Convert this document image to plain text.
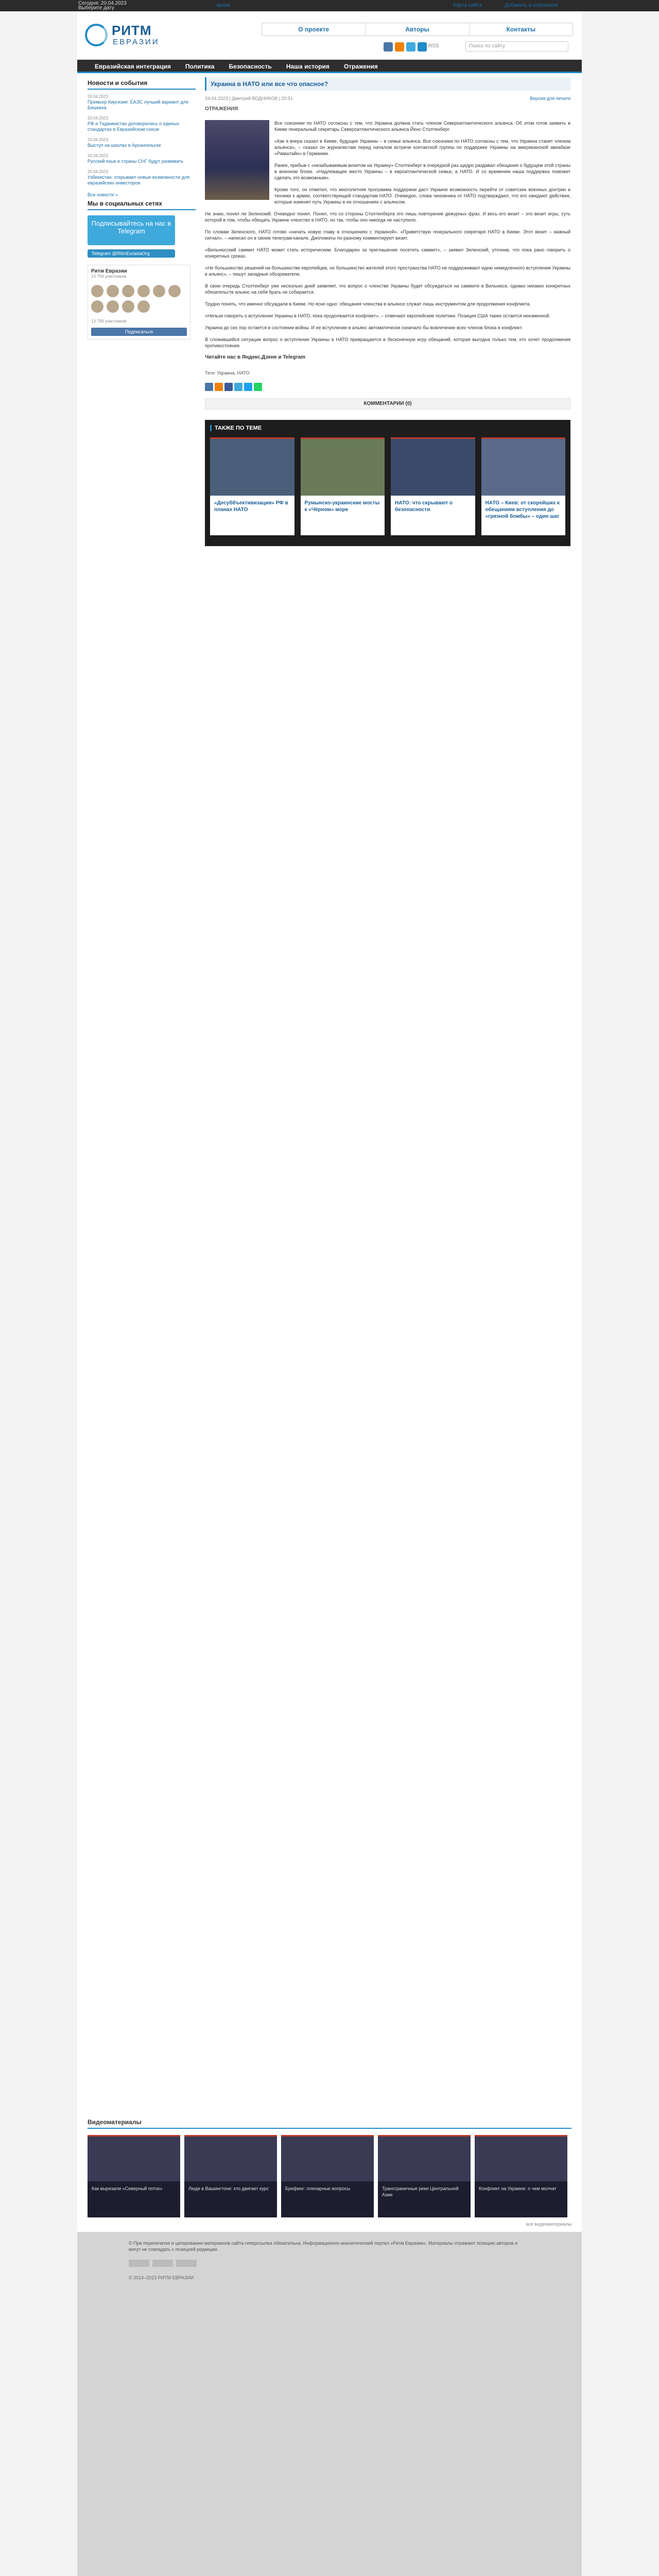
Сегодня: 20.04.2023
Выберите дату	архив	Карта сайта	Добавить в избранное
РИТМ
ЕВРАЗИИ
О проекте	Авторы	Контакты
RSS	Поиск по сайту
Евразийская интеграция	Политика	Безопасность	Наша история	Отражения
Новости и события
20.04.2023
Премьер Киргизии: ЕАЭС лучший вариант для Бишкека
20.04.2023
РФ и Таджикистан договорились о единых стандартах в Евразийском союзе
20.04.2023
Выступ на школах в Архангельске
20.04.2023
Русский язык и страны СНГ будут развивать
20.04.2023
Узбекистан: открывает новые возможности для евразийских инвесторов
Все новости »
Мы в социальных сетях
Подписывайтесь на нас в Telegram
Telegram @RitmEurasiaOrg
Ритм Евразии
13 759 участников
13 759 участников
Подписаться
Украина в НАТО или все что опасное?
24.04.2023 | Дмитрий ВОДНИКОВ | 20:51	Версия для печати
ОТРАЖЕНИЯ

Все союзники по НАТО согласны с тем, что Украина должна стать членом Североатлантического альянса. Об этом готов заявить в Киеве генеральный секретарь Североатлантического альянса Йенс Столтенберг.

«Как я вчера сказал в Киеве, будущее Украины – в семье альянса. Все союзники по НАТО согласны с тем, что Украина станет членом альянса», – сказал он журналистам перед началом встречи контактной группы по поддержке Украины на американской авиабазе «Рамштайн» в Германии.

Ранее, прибыв с «незабываемым визитом на Украину» Столтенберг в очередной раз щедро раздавал обещания о будущем этой страны в военном блоке. «Надлежащее место Украины – в евроатлантической семье, в НАТО. И со временем наша поддержка поможет сделать это возможным».

Кроме того, он отметил, что многолетняя программа поддержки даст Украине возможность перейти от советских военных доктрин и техники к армии, соответствующей стандартам НАТО. Очевидно, слова чиновника от НАТО подтверждают, что его ожидают действия, которые изменят путь Украины в ее отношениях с альянсом.

Не знаю, понял ли Зеленский. Очевидно понял. Понял, что со стороны Столтенберга это лишь повторение дежурных фраз. И весь его визит – это визит игры, суть которой в том, чтобы обещать Украине членство в НАТО, но так, чтобы оно никогда не наступило.

По словам Зеленского, НАТО готово «начать новую главу в отношениях с Украиной». «Приветствую генерального секретаря НАТО в Киеве. Этот визит – важный сигнал», – написал он в своем телеграм-канале. Дипломаты по-разному комментируют визит.

«Вильнюсский саммит НАТО может стать историческим. Благодарен за приглашение посетить саммит», – заявил Зеленский, уточнив, что пока рано говорить о конкретных сроках.

«Не большинство решений на большинстве европейцев, но большинство жителей этого пространства НАТО не поддерживают идею немедленного вступления Украины в альянс», – пишут западные обозреватели.

В свою очередь Столтенберг уже несколько дней заявляет, что вопрос о членстве Украины будет обсуждаться на саммите в Вильнюсе, однако никаких конкретных обязательств альянс на себя брать не собирается.

Трудно понять, что именно обсуждали в Киеве. Но ясно одно: обещания членства в альянсе служат лишь инструментом для продолжения конфликта.

«Нельзя говорить о вступлении Украины в НАТО, пока продолжается конфликт», – отмечают европейские политики. Позиция США также остается неизменной.

Украина до сих пор остается в состоянии войны. И ее вступление в альянс автоматически означало бы вовлечение всех членов блока в конфликт.

В сложившейся ситуации вопрос о вступлении Украины в НАТО превращается в бесконечную игру обещаний, которая выгодна только тем, кто хочет продолжения противостояния.

Читайте нас в Яндекс.Дзене и Telegram
Теги: Украина, НАТО
КОММЕНТАРИИ (0)
ТАКЖЕ ПО ТЕМЕ
«Десуббъективизация» РФ в планах НАТО
Румынско-украинские мосты к «Чёрном» море
НАТО: что скрывают о безопасности
НАТО – Киев: от скорейших к обещаниям вступления до «грязной бомбы» – один шаг
Видеоматериалы
Как вырезали «Северный поток»	Люди в Вашингтоне: кто двигает курс	Брифинг: пленарные вопросы	Трансграничные реки Центральной Азии
Конфликт на Украине: о чем молчат
все видеоматериалы
© При перепечатке и цитировании материалов сайта гиперссылка обязательна. Информационно-аналитический портал «Ритм Евразии». Материалы отражают позицию авторов и могут не совпадать с позицией редакции.
© 2014–2023 РИТМ ЕВРАЗИИ
